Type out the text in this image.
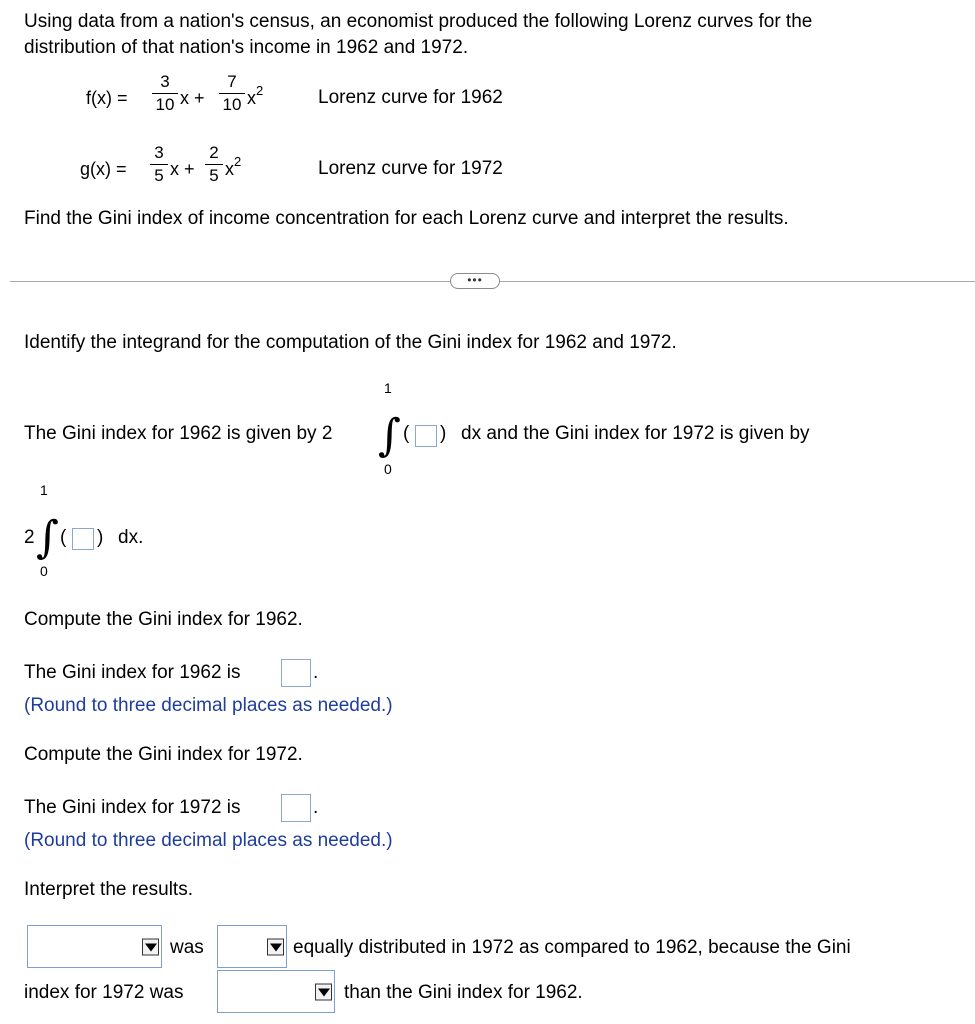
Using data from a nation's census, an economist produced the following Lorenz curves for the
distribution of that nation's income in 1962 and 1972.
f(x) =
3
10 x +
7
10 $x^2$	Lorenz curve for 1962
g(x) =
3
5 x +
2
5 $x^2$	Lorenz curve for 1972
Find the Gini index of income concentration for each Lorenz curve and interpret the results.
•••
Identify the integrand for the computation of the Gini index for 1962 and 1972.
The Gini index for 1962 is given by 2
1
∫
0
( ) dx and the Gini index for 1972 is given by
1
2 ∫
0
( ) dx.
Compute the Gini index for 1962.
The Gini index for 1962 is	.
(Round to three decimal places as needed.)
Compute the Gini index for 1972.
The Gini index for 1972 is	.
(Round to three decimal places as needed.)
Interpret the results.
was	equally distributed in 1972 as compared to 1962, because the Gini
index for 1972 was	than the Gini index for 1962.
